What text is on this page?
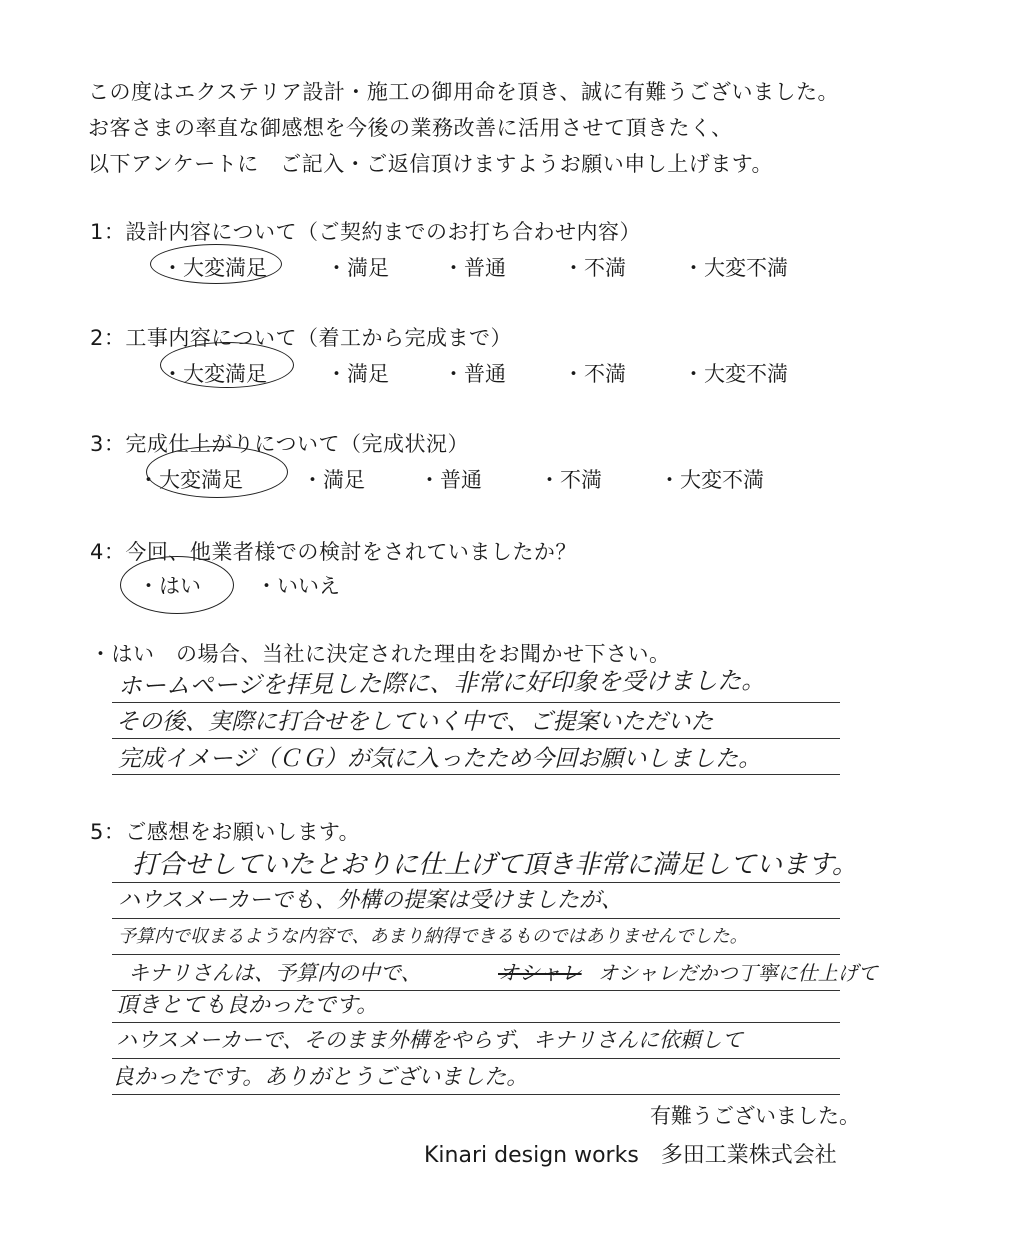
この度はエクステリア設計・施工の御用命を頂き、誠に有難うございました。
お客さまの率直な御感想を今後の業務改善に活用させて頂きたく、
以下アンケートに　ご記入・ご返信頂けますようお願い申し上げます。
1：設計内容について（ご契約までのお打ち合わせ内容）
・大変満足	・満足	・普通	・不満	・大変不満
2：工事内容について（着工から完成まで）
・大変満足	・満足	・普通	・不満	・大変不満
3：完成仕上がりについて（完成状況）
・大変満足	・満足	・普通	・不満	・大変不満
4：今回、他業者様での検討をされていましたか？
・はい	・いいえ
・はい　の場合、当社に決定された理由をお聞かせ下さい。
ホームページを拝見した際に、非常に好印象を受けました。
その後、実際に打合せをしていく中で、ご提案いただいた
完成イメージ（ＣＧ）が気に入ったため今回お願いしました。
5：ご感想をお願いします。
打合せしていたとおりに仕上げて頂き非常に満足しています。
ハウスメーカーでも、外構の提案は受けましたが、
予算内で収まるような内容で、あまり納得できるものではありませんでした。
キナリさんは、予算内の中で、	オシャレ オシャレだかつ丁寧に仕上げて
頂きとても良かったです。
ハウスメーカーで、そのまま外構をやらず、キナリさんに依頼して
良かったです。ありがとうございました。
有難うございました。
Kinari design works　多田工業株式会社
